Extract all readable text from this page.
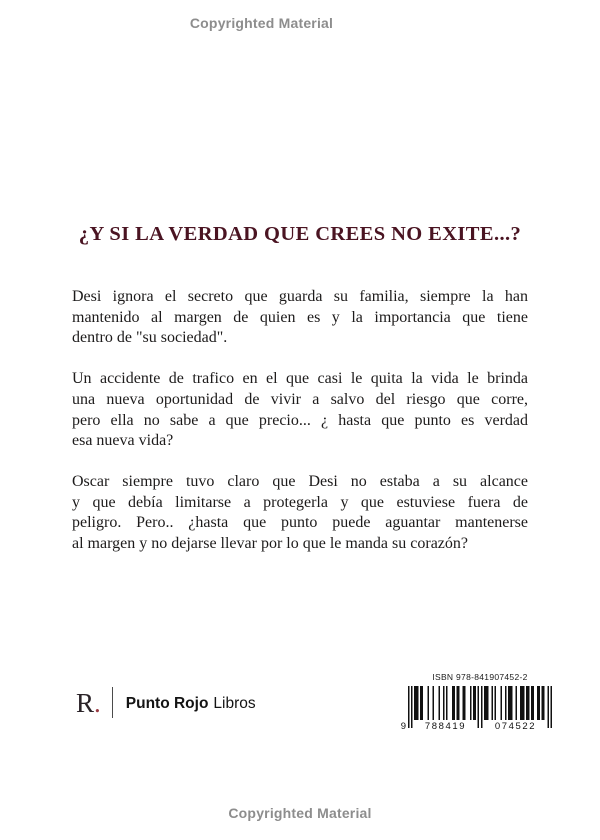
Copyrighted Material
¿Y SI LA VERDAD QUE CREES NO EXITE...?
Desi ignora el secreto que guarda su familia, siempre la han
mantenido al margen de quien es y la importancia que tiene
dentro de "su sociedad".
Un accidente de trafico en el que casi le quita la vida le brinda
una nueva oportunidad de vivir a salvo del riesgo que corre,
pero ella no sabe a que precio... ¿ hasta que punto es verdad
esa nueva vida?
Oscar siempre tuvo claro que Desi no estaba a su alcance
y que debía limitarse a protegerla y que estuviese fuera de
peligro. Pero.. ¿hasta que punto puede aguantar mantenerse
al margen y no dejarse llevar por lo que le manda su corazón?
R. Punto Rojo Libros
ISBN 978-841907452-2
9	788419	074522
Copyrighted Material
